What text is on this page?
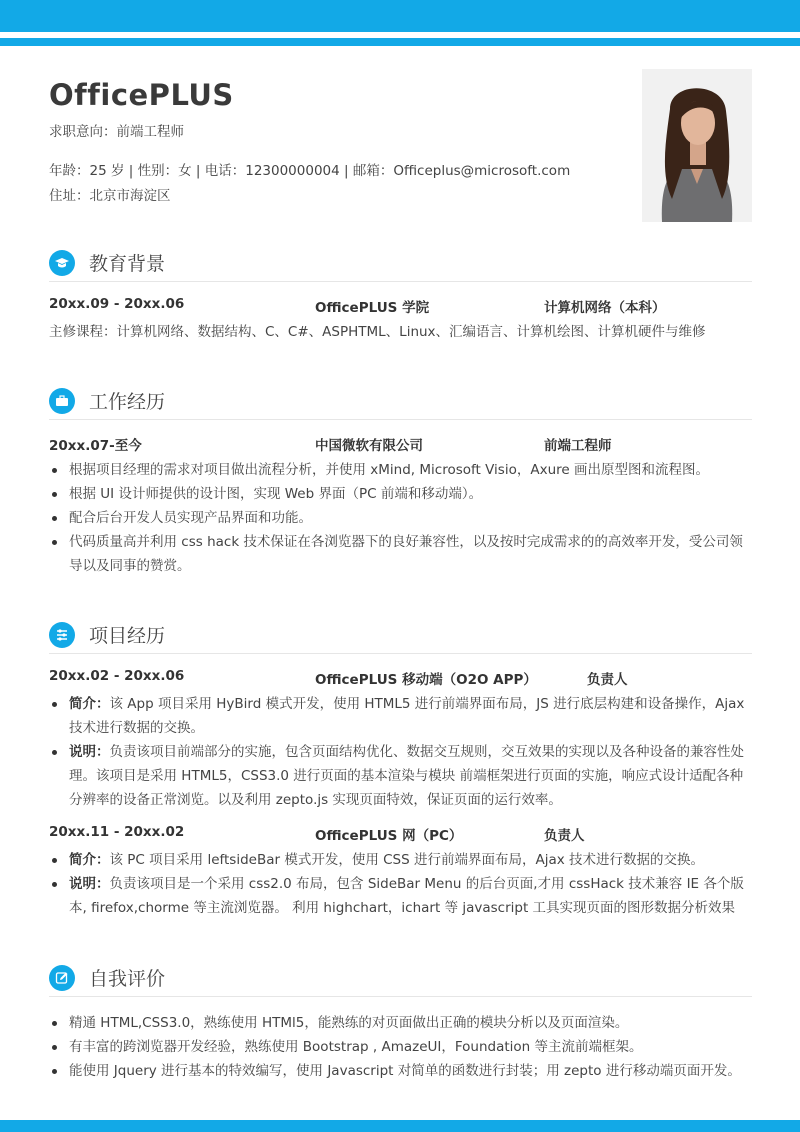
OfficePLUS
求职意向：前端工程师
年龄：25 岁 | 性别：女 | 电话：12300000004 | 邮箱：Officeplus@microsoft.com
住址：北京市海淀区
教育背景
20xx.09 - 20xx.06	OfficePLUS 学院	计算机网络（本科）
主修课程：计算机网络、数据结构、C、C#、ASPHTML、Linux、汇编语言、计算机绘图、计算机硬件与维修
工作经历
20xx.07-至今	中国微软有限公司	前端工程师
根据项目经理的需求对项目做出流程分析，并使用 xMind, Microsoft Visio，Axure 画出原型图和流程图。
根据 UI 设计师提供的设计图，实现 Web 界面（PC 前端和移动端）。
配合后台开发人员实现产品界面和功能。
代码质量高并利用 css hack 技术保证在各浏览器下的良好兼容性，以及按时完成需求的的高效率开发，受公司领导以及同事的赞赏。
项目经历
20xx.02 - 20xx.06	OfficePLUS 移动端（O2O APP）	负责人
简介：该 App 项目采用 HyBird 模式开发，使用 HTML5 进行前端界面布局，JS 进行底层构建和设备操作，Ajax 技术进行数据的交换。
说明：负责该项目前端部分的实施，包含页面结构优化、数据交互规则，交互效果的实现以及各种设备的兼容性处理。该项目是采用 HTML5，CSS3.0 进行页面的基本渲染与模块 前端框架进行页面的实施，响应式设计适配各种分辨率的设备正常浏览。以及利用 zepto.js 实现页面特效，保证页面的运行效率。
20xx.11 - 20xx.02	OfficePLUS 网（PC）	负责人
简介：该 PC 项目采用 leftsideBar 模式开发，使用 CSS 进行前端界面布局，Ajax 技术进行数据的交换。
说明：负责该项目是一个采用 css2.0 布局，包含 SideBar Menu 的后台页面,才用 cssHack 技术兼容 IE 各个版本, firefox,chorme 等主流浏览器。 利用 highchart，ichart 等 javascript 工具实现页面的图形数据分析效果
自我评价
精通 HTML,CSS3.0，熟练使用 HTMl5，能熟练的对页面做出正确的模块分析以及页面渲染。
有丰富的跨浏览器开发经验，熟练使用 Bootstrap , AmazeUI，Foundation 等主流前端框架。
能使用 Jquery 进行基本的特效编写，使用 Javascript 对简单的函数进行封装；用 zepto 进行移动端页面开发。
